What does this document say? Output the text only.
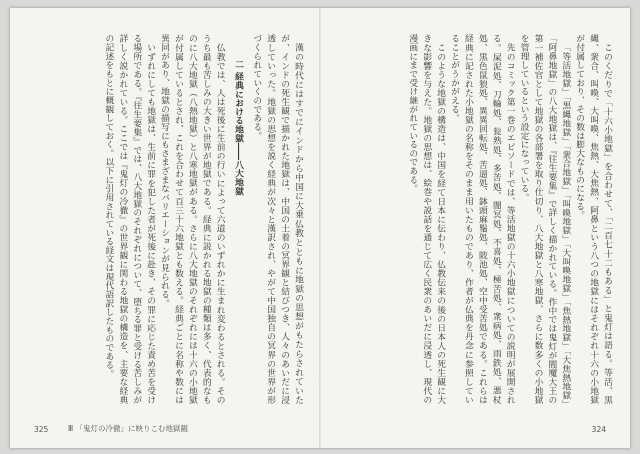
漢の時代にはすでにインドから中国に大乗仏教とともに地獄の思想がもたらされていたが、インドの死生観で描かれた地獄は、中国の土着の冥界観と結びつき、人々のあいだに浸透していった。地獄の思想を説く経典が次々と漢訳され、やがて中国独自の冥界の世界が形づくられていくのである。

二 経典における地獄――八大地獄

仏教では、人は死後に生前の行いによって六道のいずれかに生まれ変わるとされる。そのうち最も苦しみの大きい世界が地獄である。経典に説かれる地獄の種類は多く、代表的なものに八大地獄（八熱地獄）と八寒地獄がある。さらに八大地獄のそれぞれには十六の小地獄が付属しているとされ、これを合わせて百三十六地獄とも数える。経典ごとに名称や数には異同があり、地獄の描写にもさまざまなバリエーションが見られる。

いずれにしても地獄は、生前に罪を犯した者が死後に赴き、その罪に応じた責め苦を受ける場所である。『往生要集』では、八大地獄のそれぞれについて、堕ちる罪と受ける苦しみが詳しく説かれている。ここでは『鬼灯の冷徹』の世界観に関わる地獄の構造を、主要な経典の記述をもとに概観しておく。以下に引用されている経文は現代語訳したものである。

325	Ⅲ 「鬼灯の冷徹」に映りこむ地獄観

このくだりで「十六小地獄」を合わせて、「二百七十二もある」と鬼灯は語る。等活、黒縄、衆合、叫喚、大叫喚、焦熱、大焦熱、阿鼻という八つの地獄にはそれぞれ十六の小地獄が付属しており、その数は膨大なものになる。

「等活地獄」「黒縄地獄」「衆合地獄」「叫喚地獄」「大叫喚地獄」「焦熱地獄」「大焦熱地獄」「阿鼻地獄」の八大地獄は、『往生要集』で詳しく描かれている。作中では鬼灯が閻魔大王の第一補佐官として地獄の各部署を取り仕切り、八大地獄と八寒地獄、さらに数多くの小地獄を管理しているという設定になっている。

先のコミック第一巻のエピソードでは、等活地獄の十六小地獄についての説明が展開される。屎泥処、刀輪処、瓮熟処、多苦処、闇冥処、不喜処、極苦処、衆病処、雨鉄処、悪杖処、黒色鼠狼処、異異回転処、苦逼処、鉢頭麻鬚処、陂池処、空中受苦処である。これらは経典に記された小地獄の名称をそのまま用いたものであり、作者が仏典を丹念に参照していることがうかがえる。

このような地獄の構造は、中国を経て日本に伝わり、仏教伝来の後の日本人の死生観に大きな影響を与えた。地獄の思想は、絵巻や説話を通じて広く民衆のあいだに浸透し、現代の漫画にまで受け継がれているのである。

324
